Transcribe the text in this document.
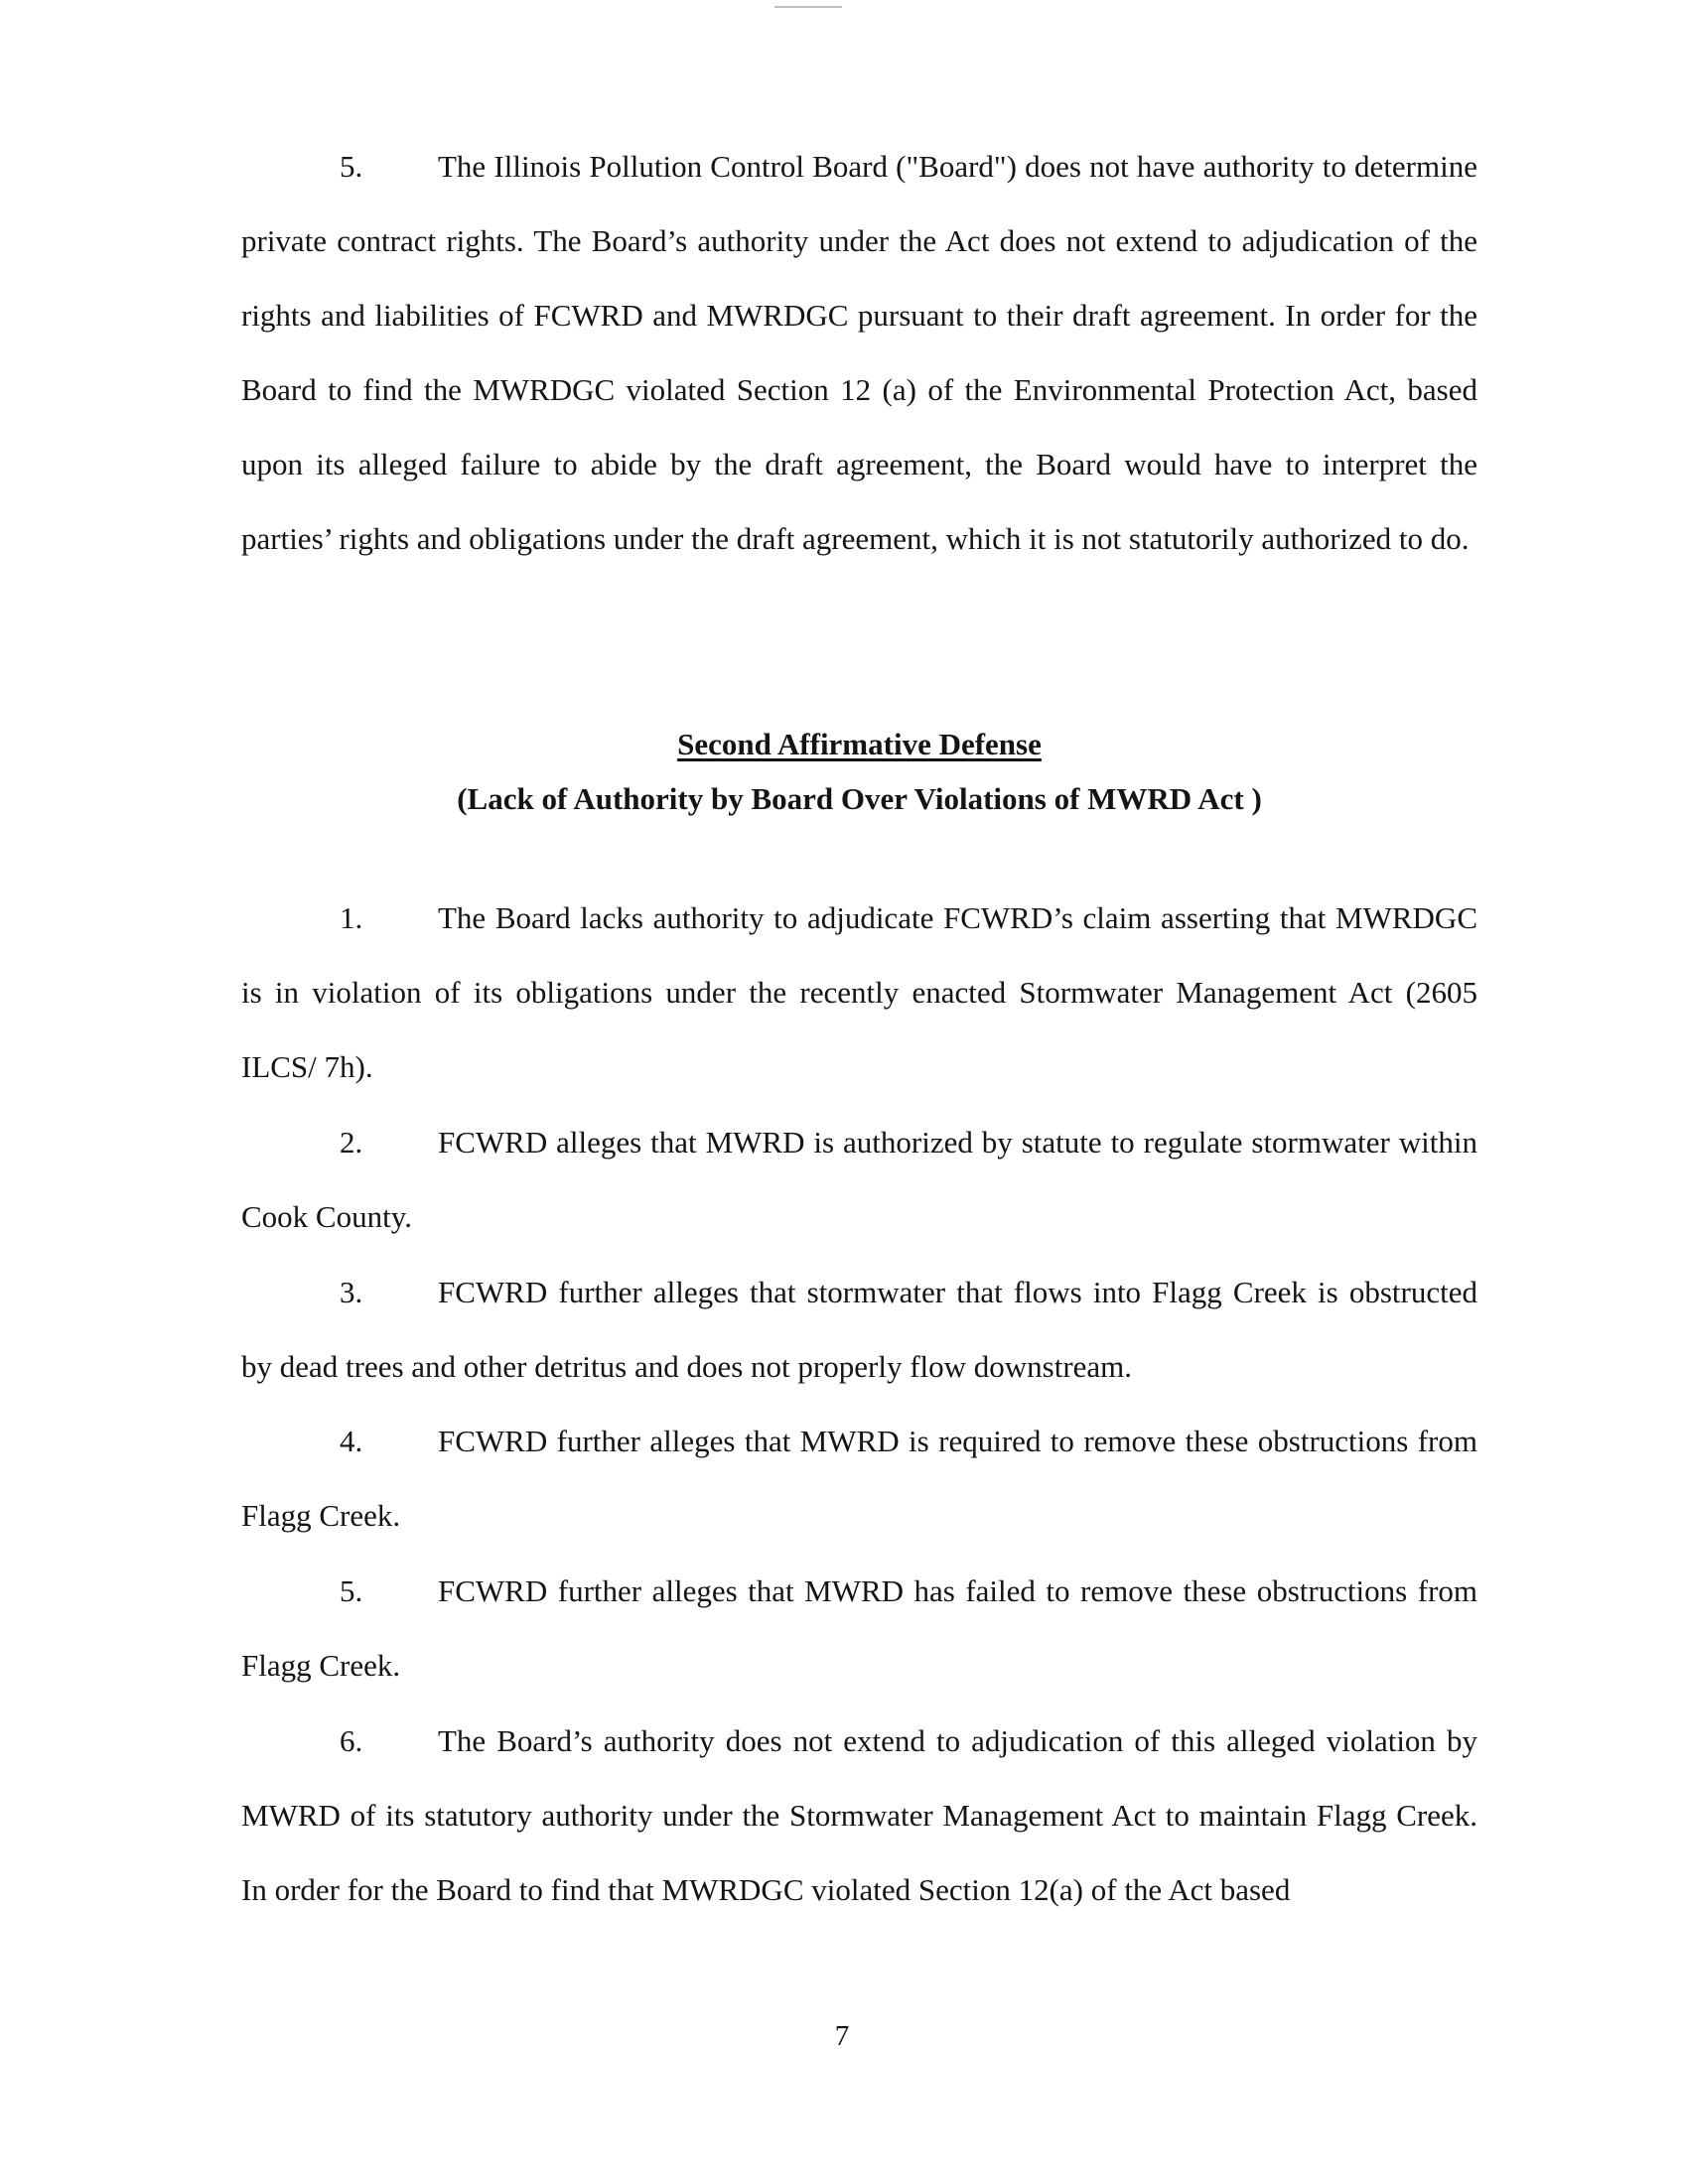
5. The Illinois Pollution Control Board ("Board") does not have authority to determine private contract rights. The Board’s authority under the Act does not extend to adjudication of the rights and liabilities of FCWRD and MWRDGC pursuant to their draft agreement. In order for the Board to find the MWRDGC violated Section 12 (a) of the Environmental Protection Act, based upon its alleged failure to abide by the draft agreement, the Board would have to interpret the parties’ rights and obligations under the draft agreement, which it is not statutorily authorized to do.

Second Affirmative Defense
(Lack of Authority by Board Over Violations of MWRD Act )

1. The Board lacks authority to adjudicate FCWRD’s claim asserting that MWRDGC is in violation of its obligations under the recently enacted Stormwater Management Act (2605 ILCS/ 7h).

2. FCWRD alleges that MWRD is authorized by statute to regulate stormwater within Cook County.

3. FCWRD further alleges that stormwater that flows into Flagg Creek is obstructed by dead trees and other detritus and does not properly flow downstream.

4. FCWRD further alleges that MWRD is required to remove these obstructions from Flagg Creek.

5. FCWRD further alleges that MWRD has failed to remove these obstructions from Flagg Creek.

6. The Board’s authority does not extend to adjudication of this alleged violation by MWRD of its statutory authority under the Stormwater Management Act to maintain Flagg Creek. In order for the Board to find that MWRDGC violated Section 12(a) of the Act based

7
